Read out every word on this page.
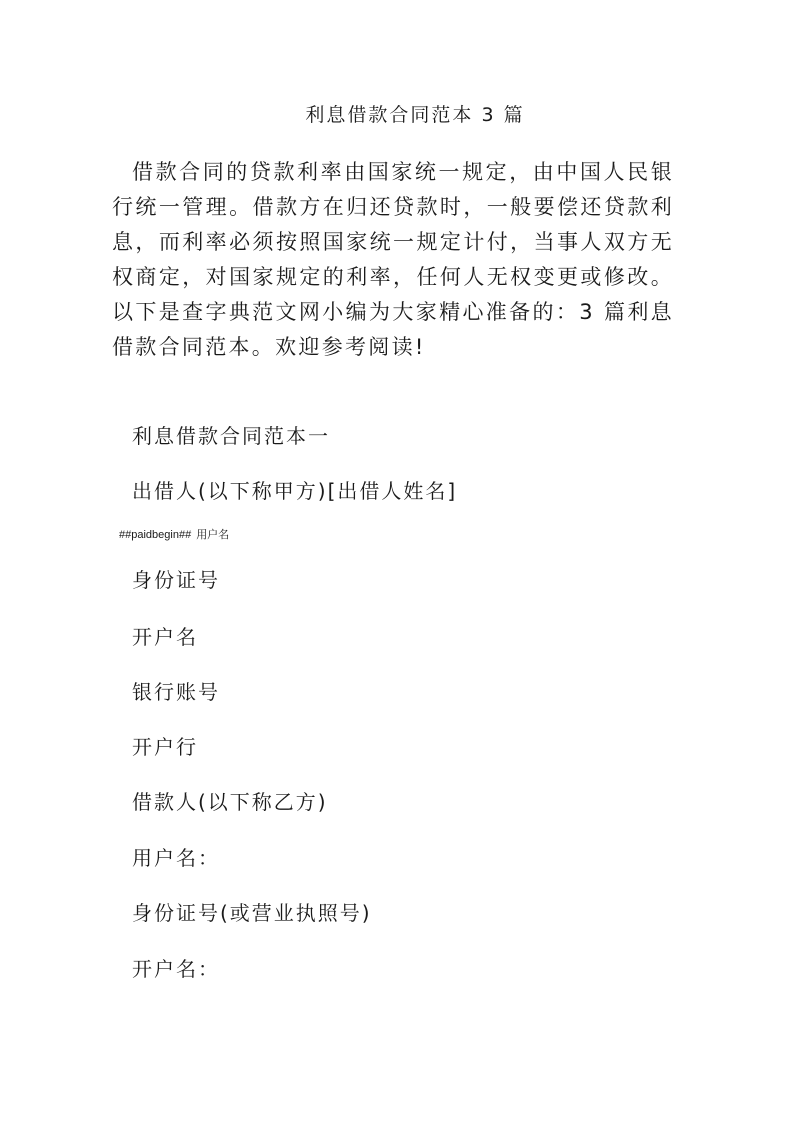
利息借款合同范本 3 篇

借款合同的贷款利率由国家统一规定，由中国人民银行统一管理。借款方在归还贷款时，一般要偿还贷款利息，而利率必须按照国家统一规定计付，当事人双方无权商定，对国家规定的利率，任何人无权变更或修改。以下是查字典范文网小编为大家精心准备的：3 篇利息借款合同范本。欢迎参考阅读!

利息借款合同范本一
出借人(以下称甲方)[出借人姓名]
##paidbegin## 用户名
身份证号
开户名
银行账号
开户行
借款人(以下称乙方)
用户名：
身份证号(或营业执照号)
开户名：
